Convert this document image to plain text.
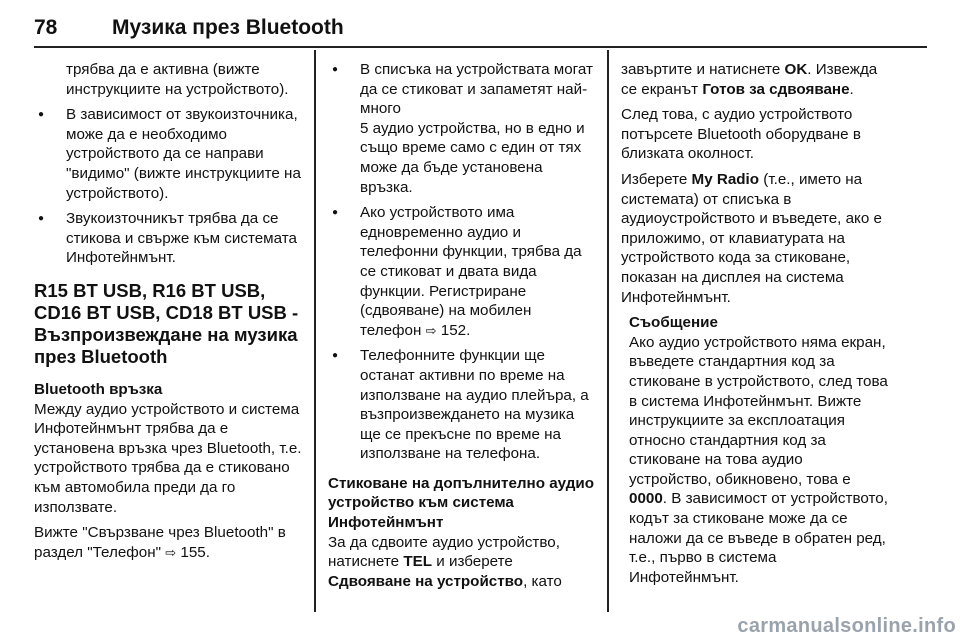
78	Музика през Bluetooth

трябва да е активна (вижте инструкциите на устройството).

● В зависимост от звукоизточника, може да е необходимо устройството да се направи "видимо" (вижте инструкциите на устройството).
● Звукоизточникът трябва да се стикова и свърже към системата Инфотейнмънт.
R15 BT USB, R16 BT USB, CD16 BT USB, CD18 BT USB - Възпроизвеждане на музика през Bluetooth
Bluetooth връзка

Между аудио устройството и система Инфотейнмънт трябва да е установена връзка чрез Bluetooth, т.е. устройството трябва да е стиковано към автомобила преди да го използвате.

Вижте "Свързване чрез Bluetooth" в раздел "Телефон" ⇨ 155.

● В списъка на устройствата могат да се стиковат и запаметят най-много
5 аудио устройства, но в едно и също време само с един от тях може да бъде установена връзка.
● Ако устройството има едновременно аудио и телефонни функции, трябва да се стиковат и двата вида функции. Регистриране (сдвояване) на мобилен телефон ⇨ 152.
● Телефонните функции ще останат активни по време на използване на аудио плейъра, а възпроизвеждането на музика ще се прекъсне по време на използване на телефона.
Стиковане на допълнително аудио устройство към система Инфотейнмънт

За да сдвоите аудио устройство, натиснете TEL и изберете
Сдвояване на устройство, като

завъртите и натиснете OK. Извежда се екранът Готов за сдвояване.

След това, с аудио устройството потърсете Bluetooth оборудване в близката околност.

Изберете My Radio (т.е., името на системата) от списъка в аудиоустройството и въведете, ако е приложимо, от клавиатурата на устройството кода за стиковане, показан на дисплея на система Инфотейнмънт.

Съобщение
Ако аудио устройството няма екран, въведете стандартния код за стиковане в устройството, след това в система Инфотейнмънт. Вижте инструкциите за експлоатация относно стандартния код за стиковане на това аудио устройство, обикновено, това е 0000. В зависимост от устройството, кодът за стиковане може да се наложи да се въведе в обратен ред, т.е., първо в система Инфотейнмънт.
carmanualsonline.info
